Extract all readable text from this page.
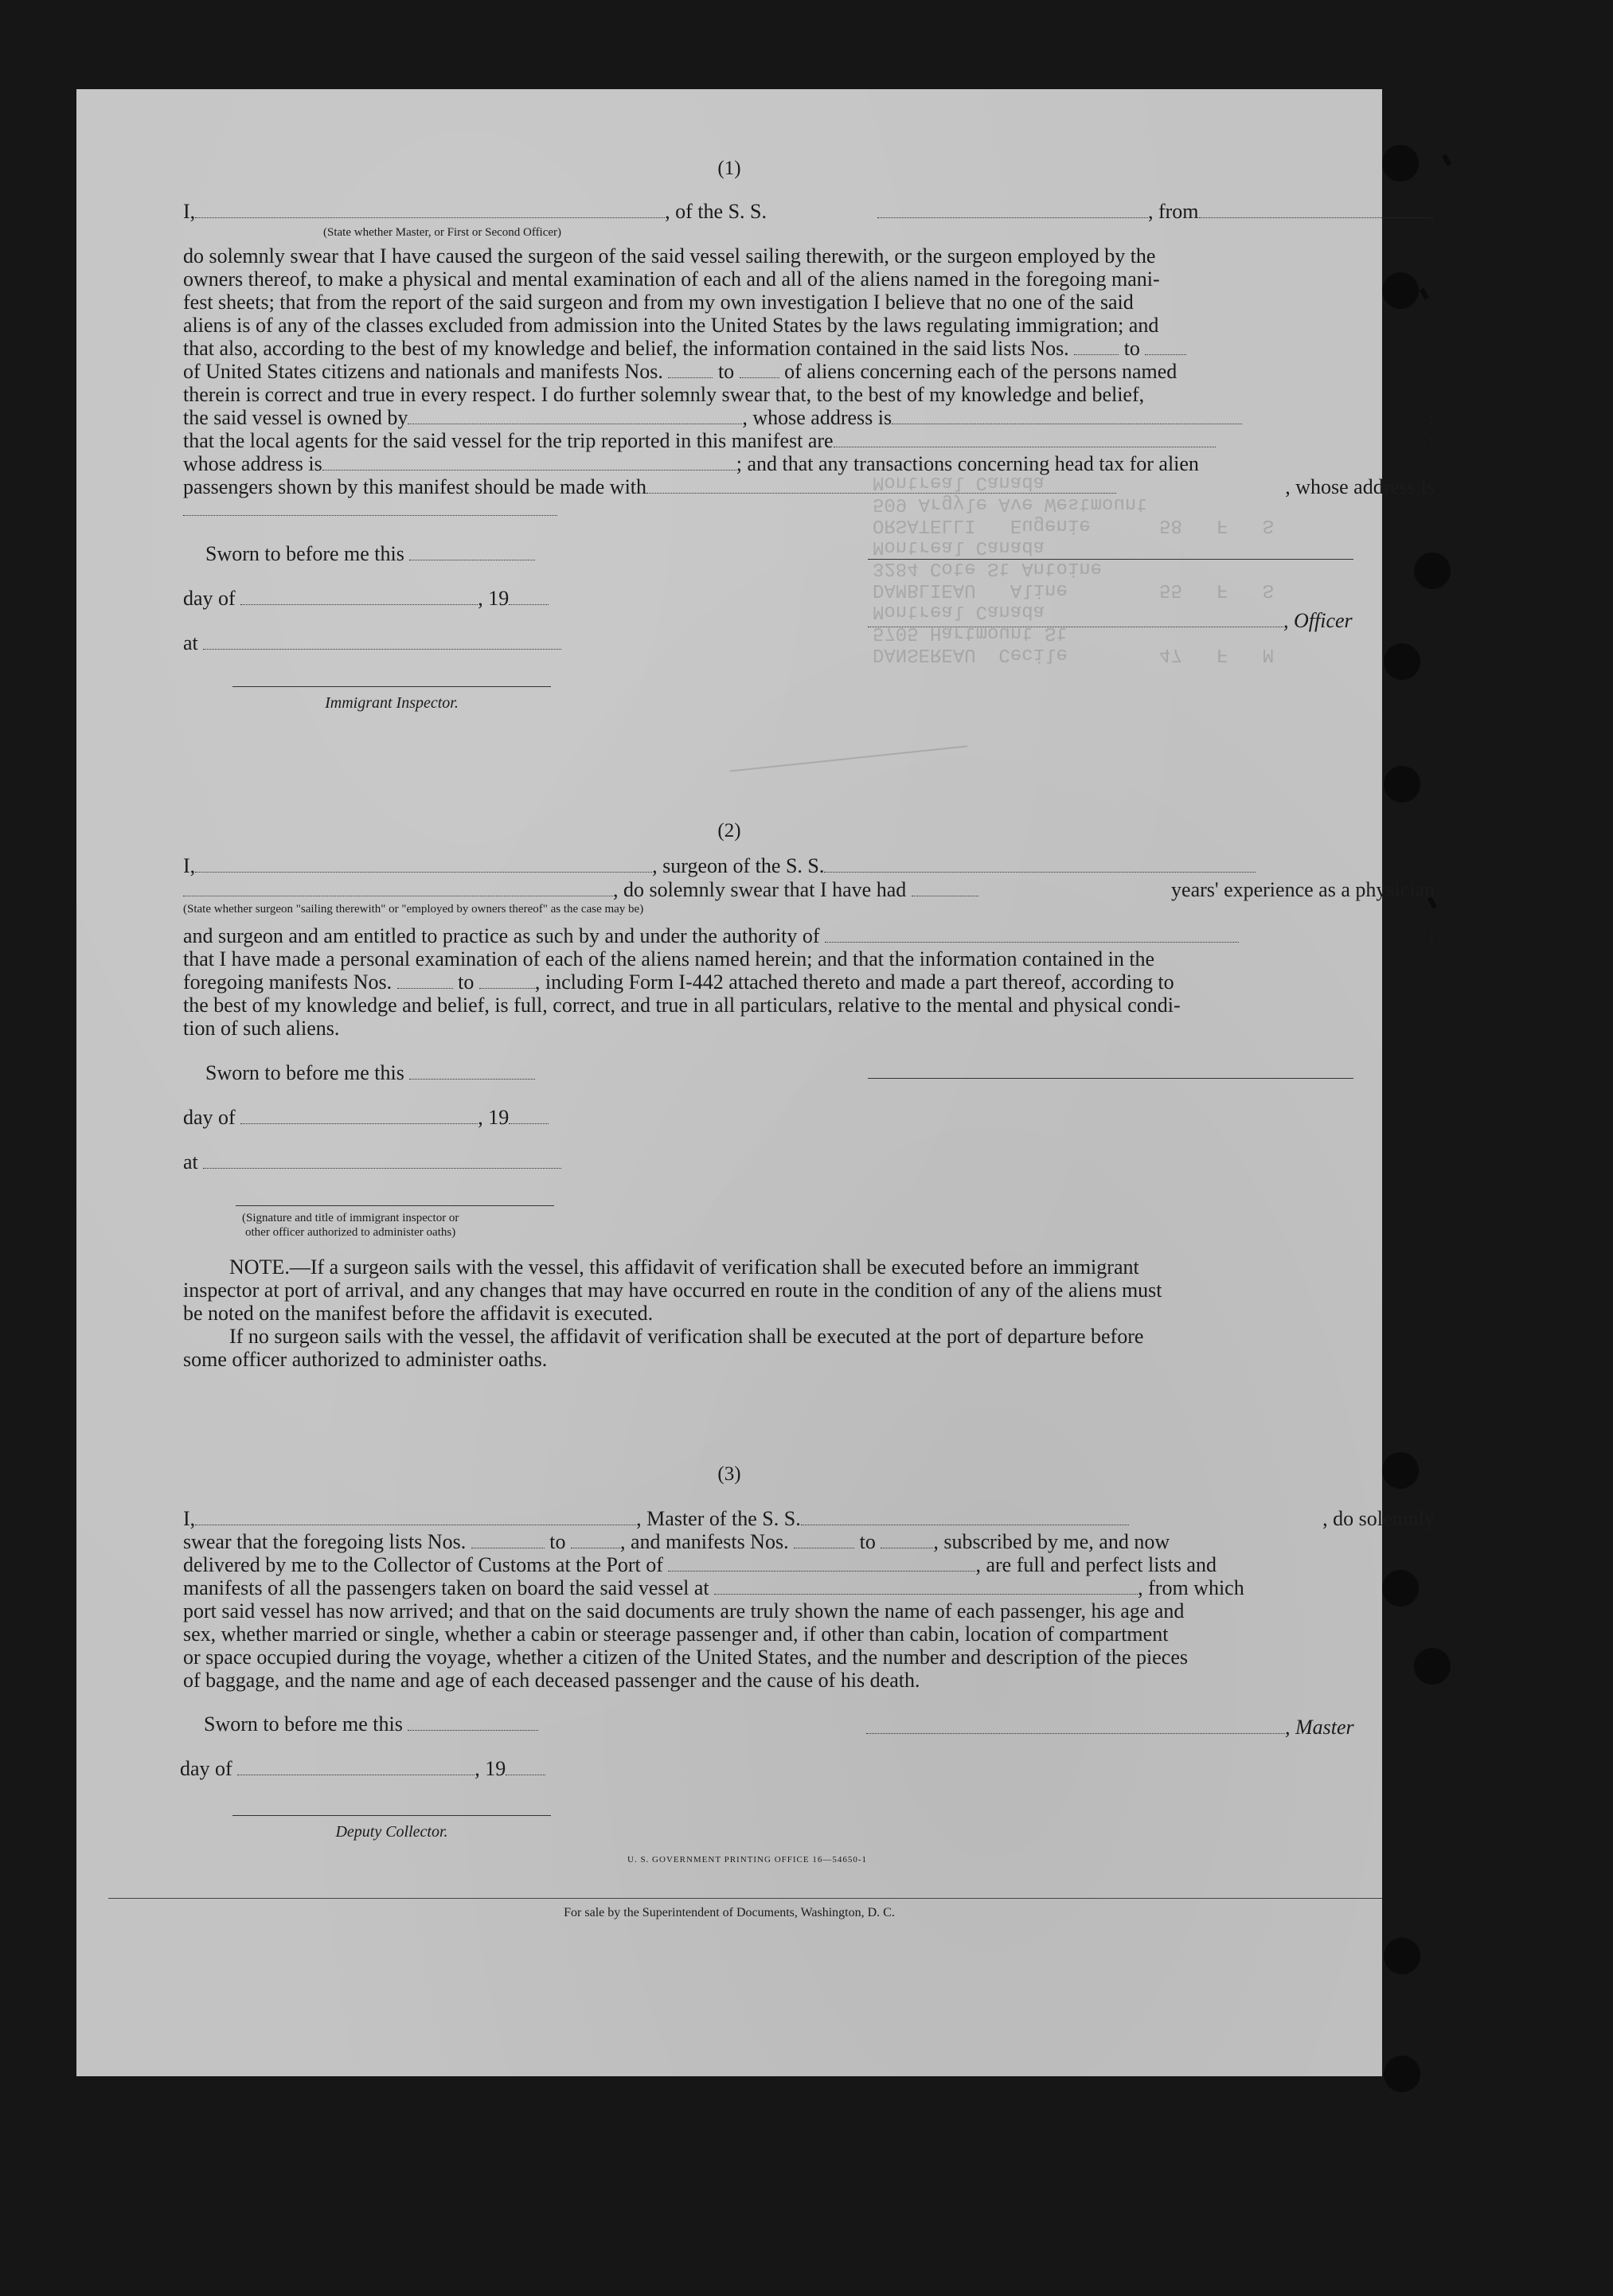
DANSEREAU  Cecile        47   F   M
5705 Hartmount St
Montreal Canada
DAMBLIEAU   Aline        55   F   S
3284 Cote St Antoine
Montreal Canada
ORSATELLI   Eugenie      58   F   S
509 Argyle Ave Westmount
Montreal Canada
(1)
I,	, of the S. S.	, from	,
(State whether Master, or First or Second Officer)
do solemnly swear that I have caused the surgeon of the said vessel sailing therewith, or the surgeon employed by the
owners thereof, to make a physical and mental examination of each and all of the aliens named in the foregoing mani-
fest sheets; that from the report of the said surgeon and from my own investigation I believe that no one of the said
aliens is of any of the classes excluded from admission into the United States by the laws regulating immigration; and
that also, according to the best of my knowledge and belief, the information contained in the said lists Nos.	to
of United States citizens and nationals and manifests Nos.	to of aliens concerning each of the persons named
therein is correct and true in every respect. I do further solemnly swear that, to the best of my knowledge and belief,
the said vessel is owned by	, whose address is	;
that the local agents for the said vessel for the trip reported in this manifest are	;
whose address is	; and that any transactions concerning head tax for alien
passengers shown by this manifest should be made with	, whose address is
Sworn to before me this
day of	, 19
at
, Officer
Immigrant Inspector.
(2)
I,	, surgeon of the S. S.	,
, do solemnly swear that I have had	years' experience as a physician
(State whether surgeon "sailing therewith" or "employed by owners thereof" as the case may be)
and surgeon and am entitled to practice as such by and under the authority of	;
that I have made a personal examination of each of the aliens named herein; and that the information contained in the
foregoing manifests Nos.	to	, including Form I-442 attached thereto and made a part thereof, according to
the best of my knowledge and belief, is full, correct, and true in all particulars, relative to the mental and physical condi-
tion of such aliens.
Sworn to before me this
day of	, 19
at
(Signature and title of immigrant inspector or
other officer authorized to administer oaths)
NOTE.—If a surgeon sails with the vessel, this affidavit of verification shall be executed before an immigrant
inspector at port of arrival, and any changes that may have occurred en route in the condition of any of the aliens must
be noted on the manifest before the affidavit is executed.
If no surgeon sails with the vessel, the affidavit of verification shall be executed at the port of departure before
some officer authorized to administer oaths.
(3)
I,	, Master of the S. S.	, do solemnly
swear that the foregoing lists Nos.	to	, and manifests Nos.	to	, subscribed by me, and now
delivered by me to the Collector of Customs at the Port of	, are full and perfect lists and
manifests of all the passengers taken on board the said vessel at	, from which
port said vessel has now arrived; and that on the said documents are truly shown the name of each passenger, his age and
sex, whether married or single, whether a cabin or steerage passenger and, if other than cabin, location of compartment
or space occupied during the voyage, whether a citizen of the United States, and the number and description of the pieces
of baggage, and the name and age of each deceased passenger and the cause of his death.
Sworn to before me this
day of	, 19
, Master
Deputy Collector.
U. S. GOVERNMENT PRINTING OFFICE 16—54650-1
For sale by the Superintendent of Documents, Washington, D. C.
